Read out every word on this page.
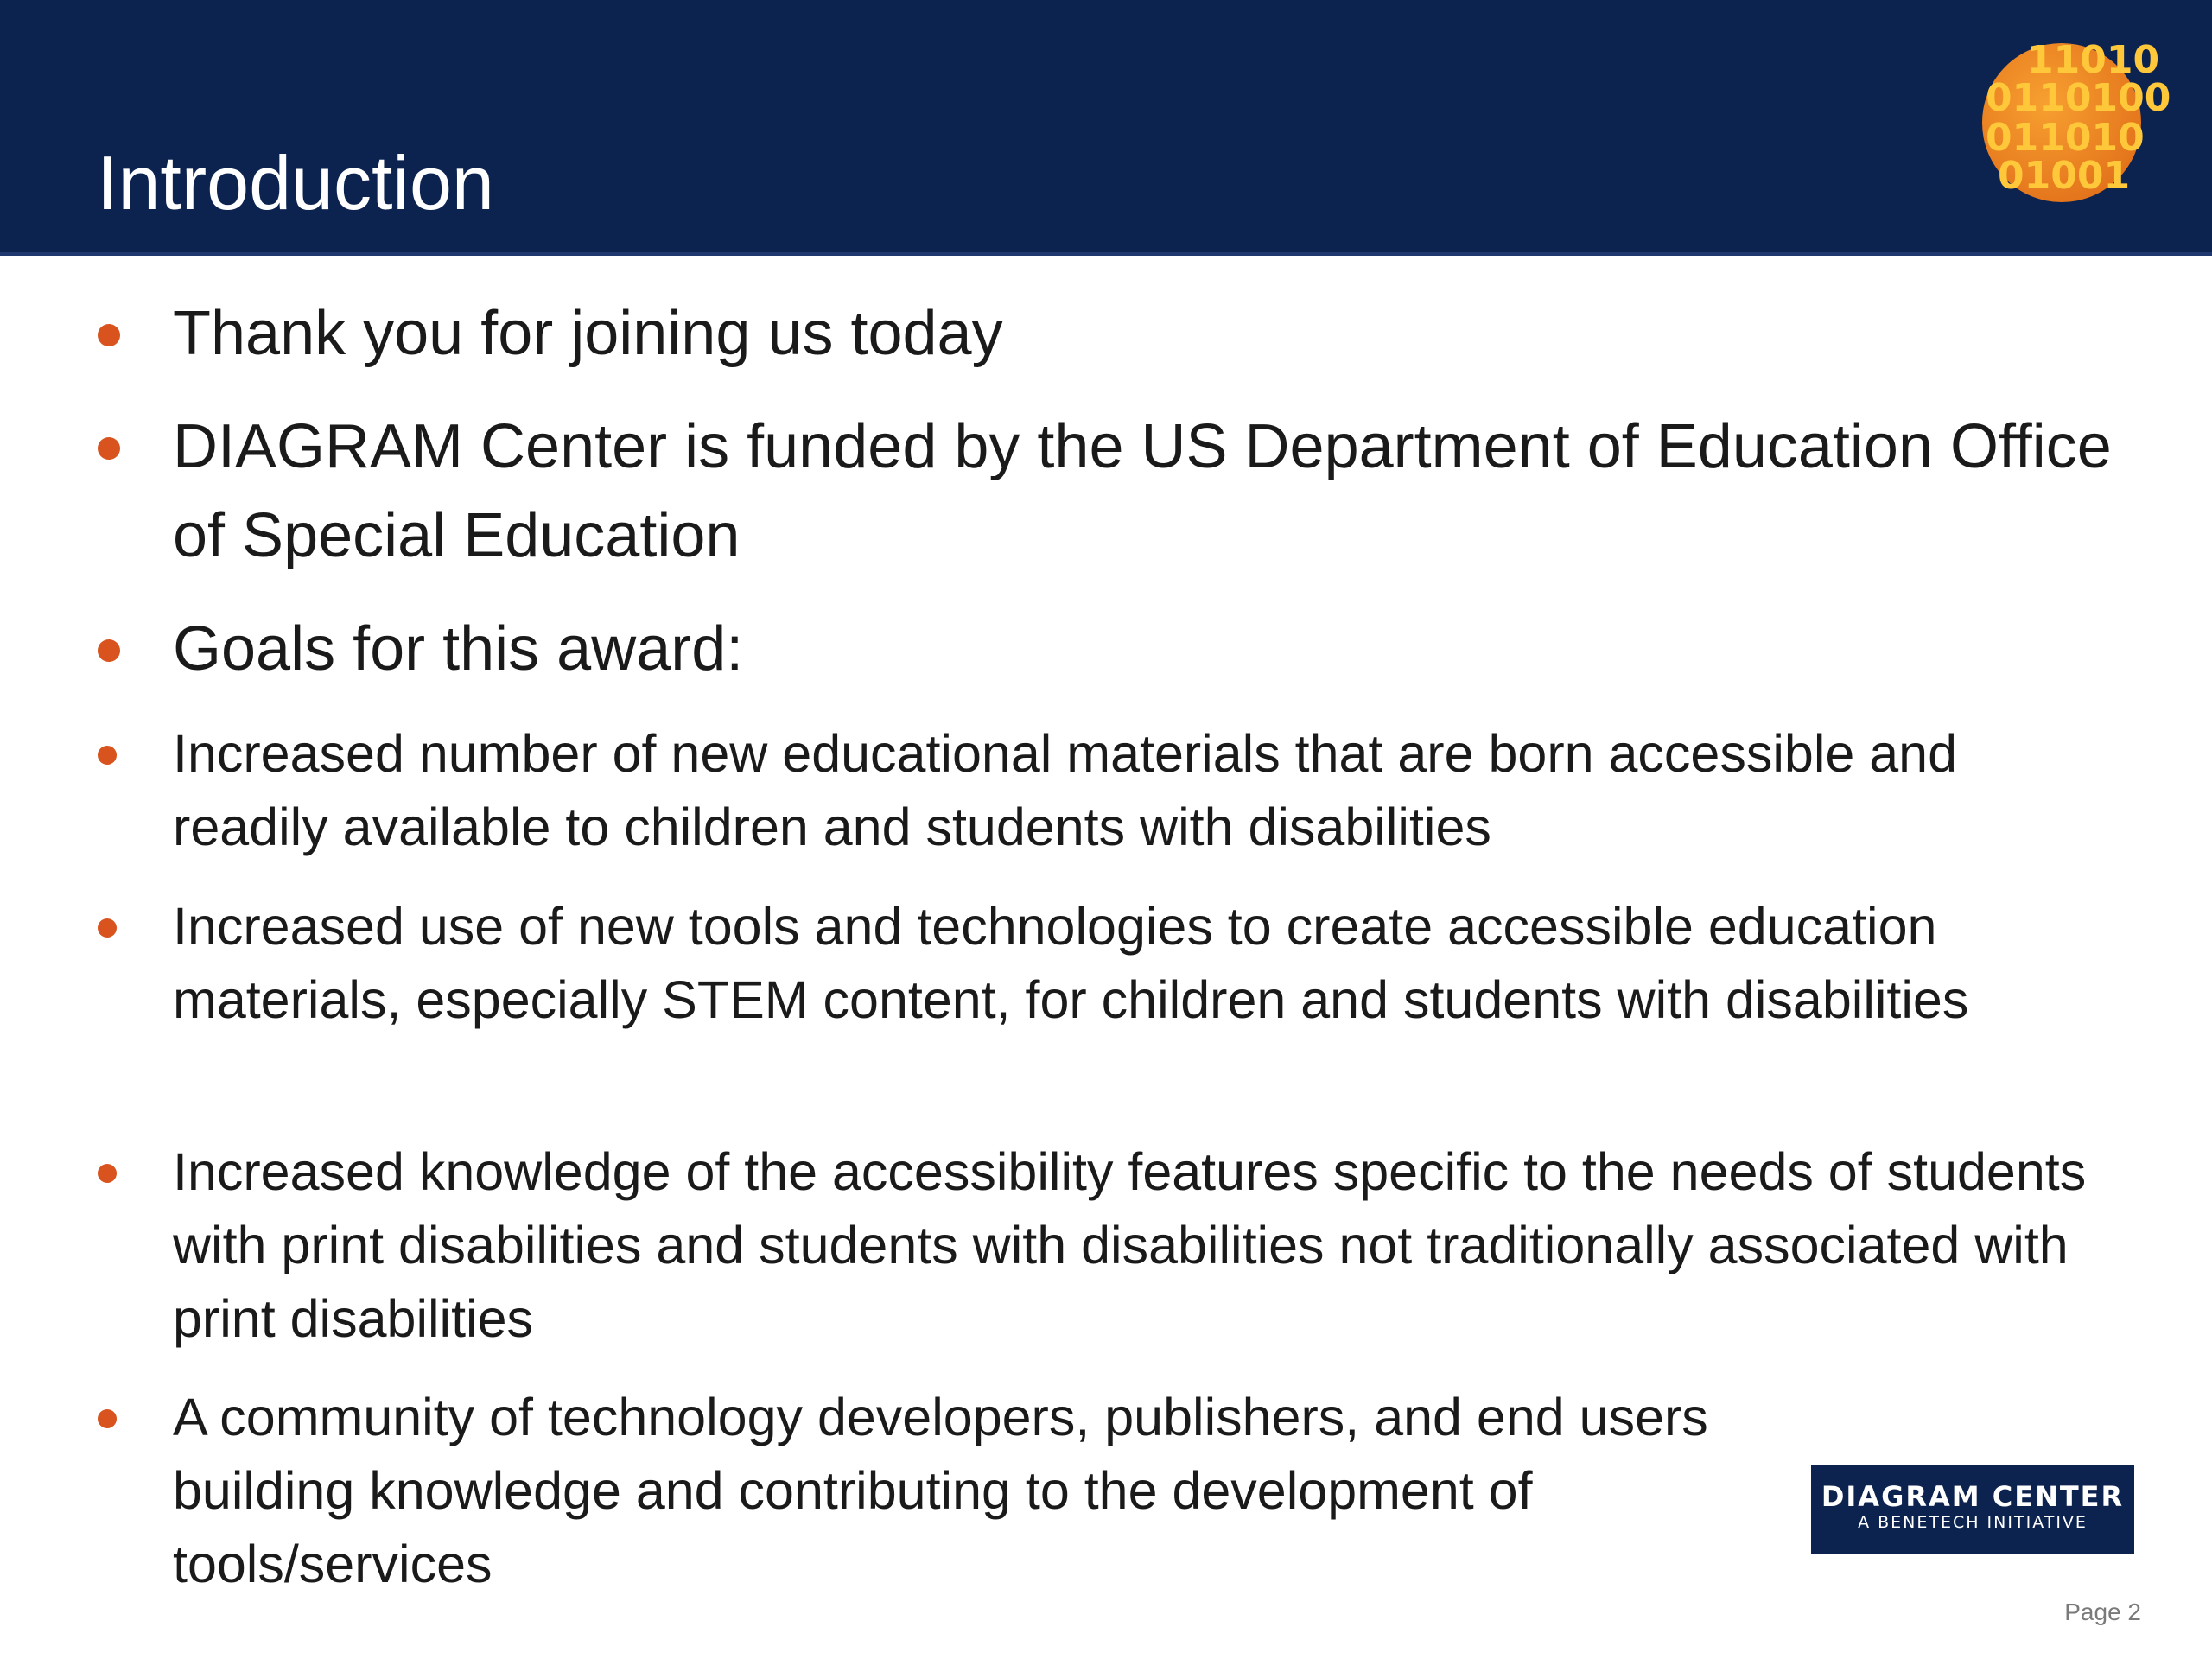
Introduction
11010
0110100
011010
01001

Thank you for joining us today

DIAGRAM Center is funded by the US Department of Education Office of Special Education

Goals for this award:

Increased number of new educational materials that are born accessible and readily available to children and students with disabilities

Increased use of new tools and technologies to create accessible education materials, especially STEM content, for children and students with disabilities

Increased knowledge of the accessibility features specific to the needs of students with print disabilities and students with disabilities not traditionally associated with print disabilities

A community of technology developers, publishers, and end users building knowledge and contributing to the development of tools/services

DIAGRAM CENTER
A BENETECH INITIATIVE
Page 2
